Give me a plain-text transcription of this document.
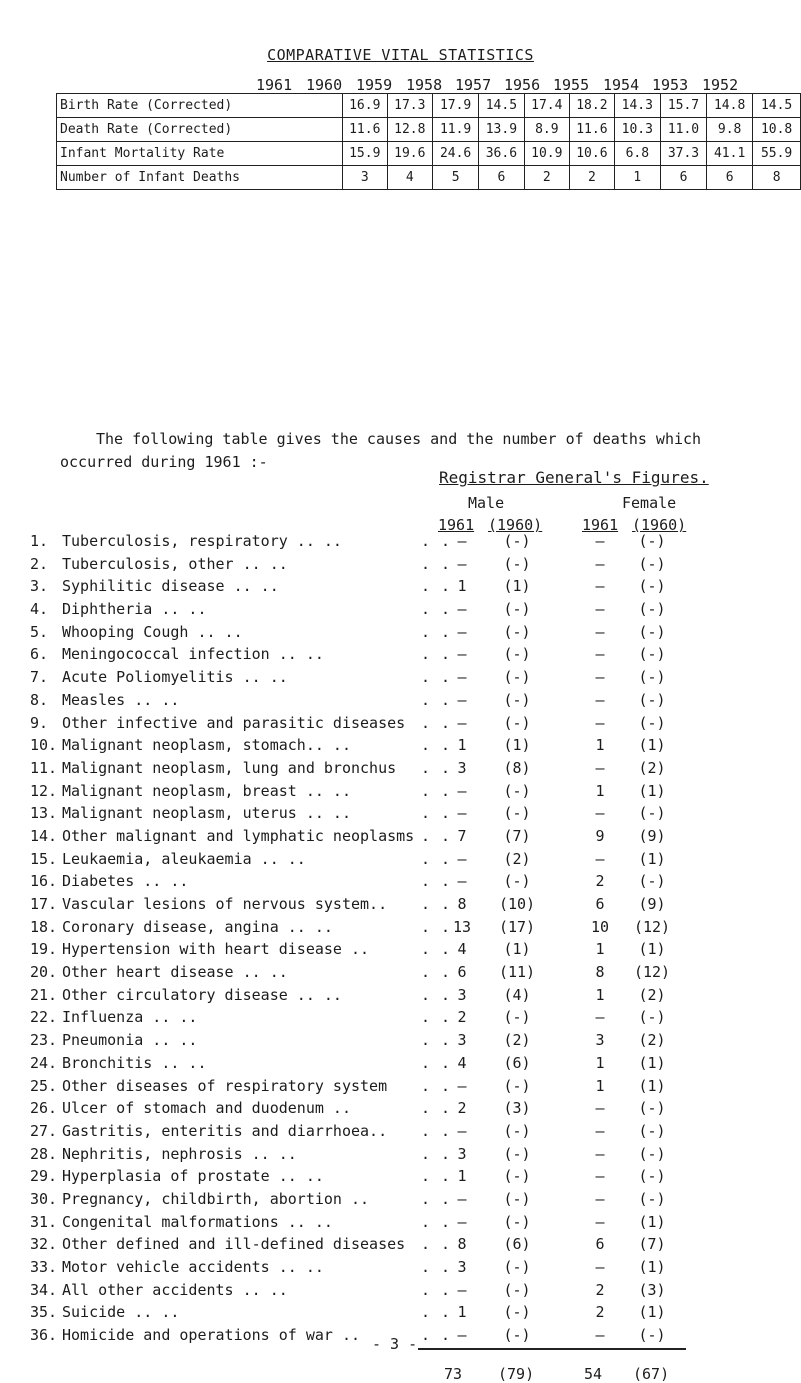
COMPARATIVE VITAL STATISTICS
1961 1960 1959 1958 1957 1956 1955 1954 1953 1952
Birth Rate (Corrected)	16.9	17.3	17.9	14.5	17.4	18.2	14.3	15.7	14.8	14.5
Death Rate (Corrected)	11.6	12.8	11.9	13.9	8.9	11.6	10.3	11.0	9.8	10.8
Infant Mortality Rate	15.9	19.6	24.6	36.6	10.9	10.6	6.8	37.3	41.1	55.9
Number of Infant Deaths	3	4	5	6	2	2	1	6	6	8
The following table gives the causes and the number of deaths which
occurred during 1961 :-
Registrar General's Figures.
Male	Female
1961 (1960)	1961 (1960)
1. Tuberculosis, respiratory .. ..	. . –	(-)	–	(-)
2. Tuberculosis, other .. ..	. . –	(-)	–	(-)
3. Syphilitic disease .. ..	. . 1	(1)	–	(-)
4. Diphtheria .. ..	. . –	(-)	–	(-)
5. Whooping Cough .. ..	. . –	(-)	–	(-)
6. Meningococcal infection .. ..	. . –	(-)	–	(-)
7. Acute Poliomyelitis .. ..	. . –	(-)	–	(-)
8. Measles .. ..	. . –	(-)	–	(-)
9. Other infective and parasitic diseases . . –	(-)	–	(-)
10. Malignant neoplasm, stomach.. ..	. . 1	(1)	1	(1)
11. Malignant neoplasm, lung and bronchus . . 3	(8)	–	(2)
12. Malignant neoplasm, breast .. ..	. . –	(-)	1	(1)
13. Malignant neoplasm, uterus .. ..	. . –	(-)	–	(-)
14. Other malignant and lymphatic neoplasms . . 7	(7)	9	(9)
15. Leukaemia, aleukaemia .. ..	. . –	(2)	–	(1)
16. Diabetes .. ..	. . –	(-)	2	(-)
17. Vascular lesions of nervous system.. . . 8	(10)	6	(9)
18. Coronary disease, angina .. ..	. . 13	(17)	10	(12)
19. Hypertension with heart disease ..	. . 4	(1)	1	(1)
20. Other heart disease .. ..	. . 6	(11)	8	(12)
21. Other circulatory disease .. ..	. . 3	(4)	1	(2)
22. Influenza .. ..	. . 2	(-)	–	(-)
23. Pneumonia .. ..	. . 3	(2)	3	(2)
24. Bronchitis .. ..	. . 4	(6)	1	(1)
25. Other diseases of respiratory system . . –	(-)	1	(1)
26. Ulcer of stomach and duodenum ..	. . 2	(3)	–	(-)
27. Gastritis, enteritis and diarrhoea.. . . –	(-)	–	(-)
28. Nephritis, nephrosis .. ..	. . 3	(-)	–	(-)
29. Hyperplasia of prostate .. ..	. . 1	(-)	–	(-)
30. Pregnancy, childbirth, abortion ..	. . –	(-)	–	(-)
31. Congenital malformations .. ..	. . –	(-)	–	(1)
32. Other defined and ill-defined diseases . . 8	(6)	6	(7)
33. Motor vehicle accidents .. ..	. . 3	(-)	–	(1)
34. All other accidents .. ..	. . –	(-)	2	(3)
35. Suicide .. ..	. . 1	(-)	2	(1)
36. Homicide and operations of war ..	. . –	(-)	–	(-)
73 (79)	54 (67)
- 3 -
